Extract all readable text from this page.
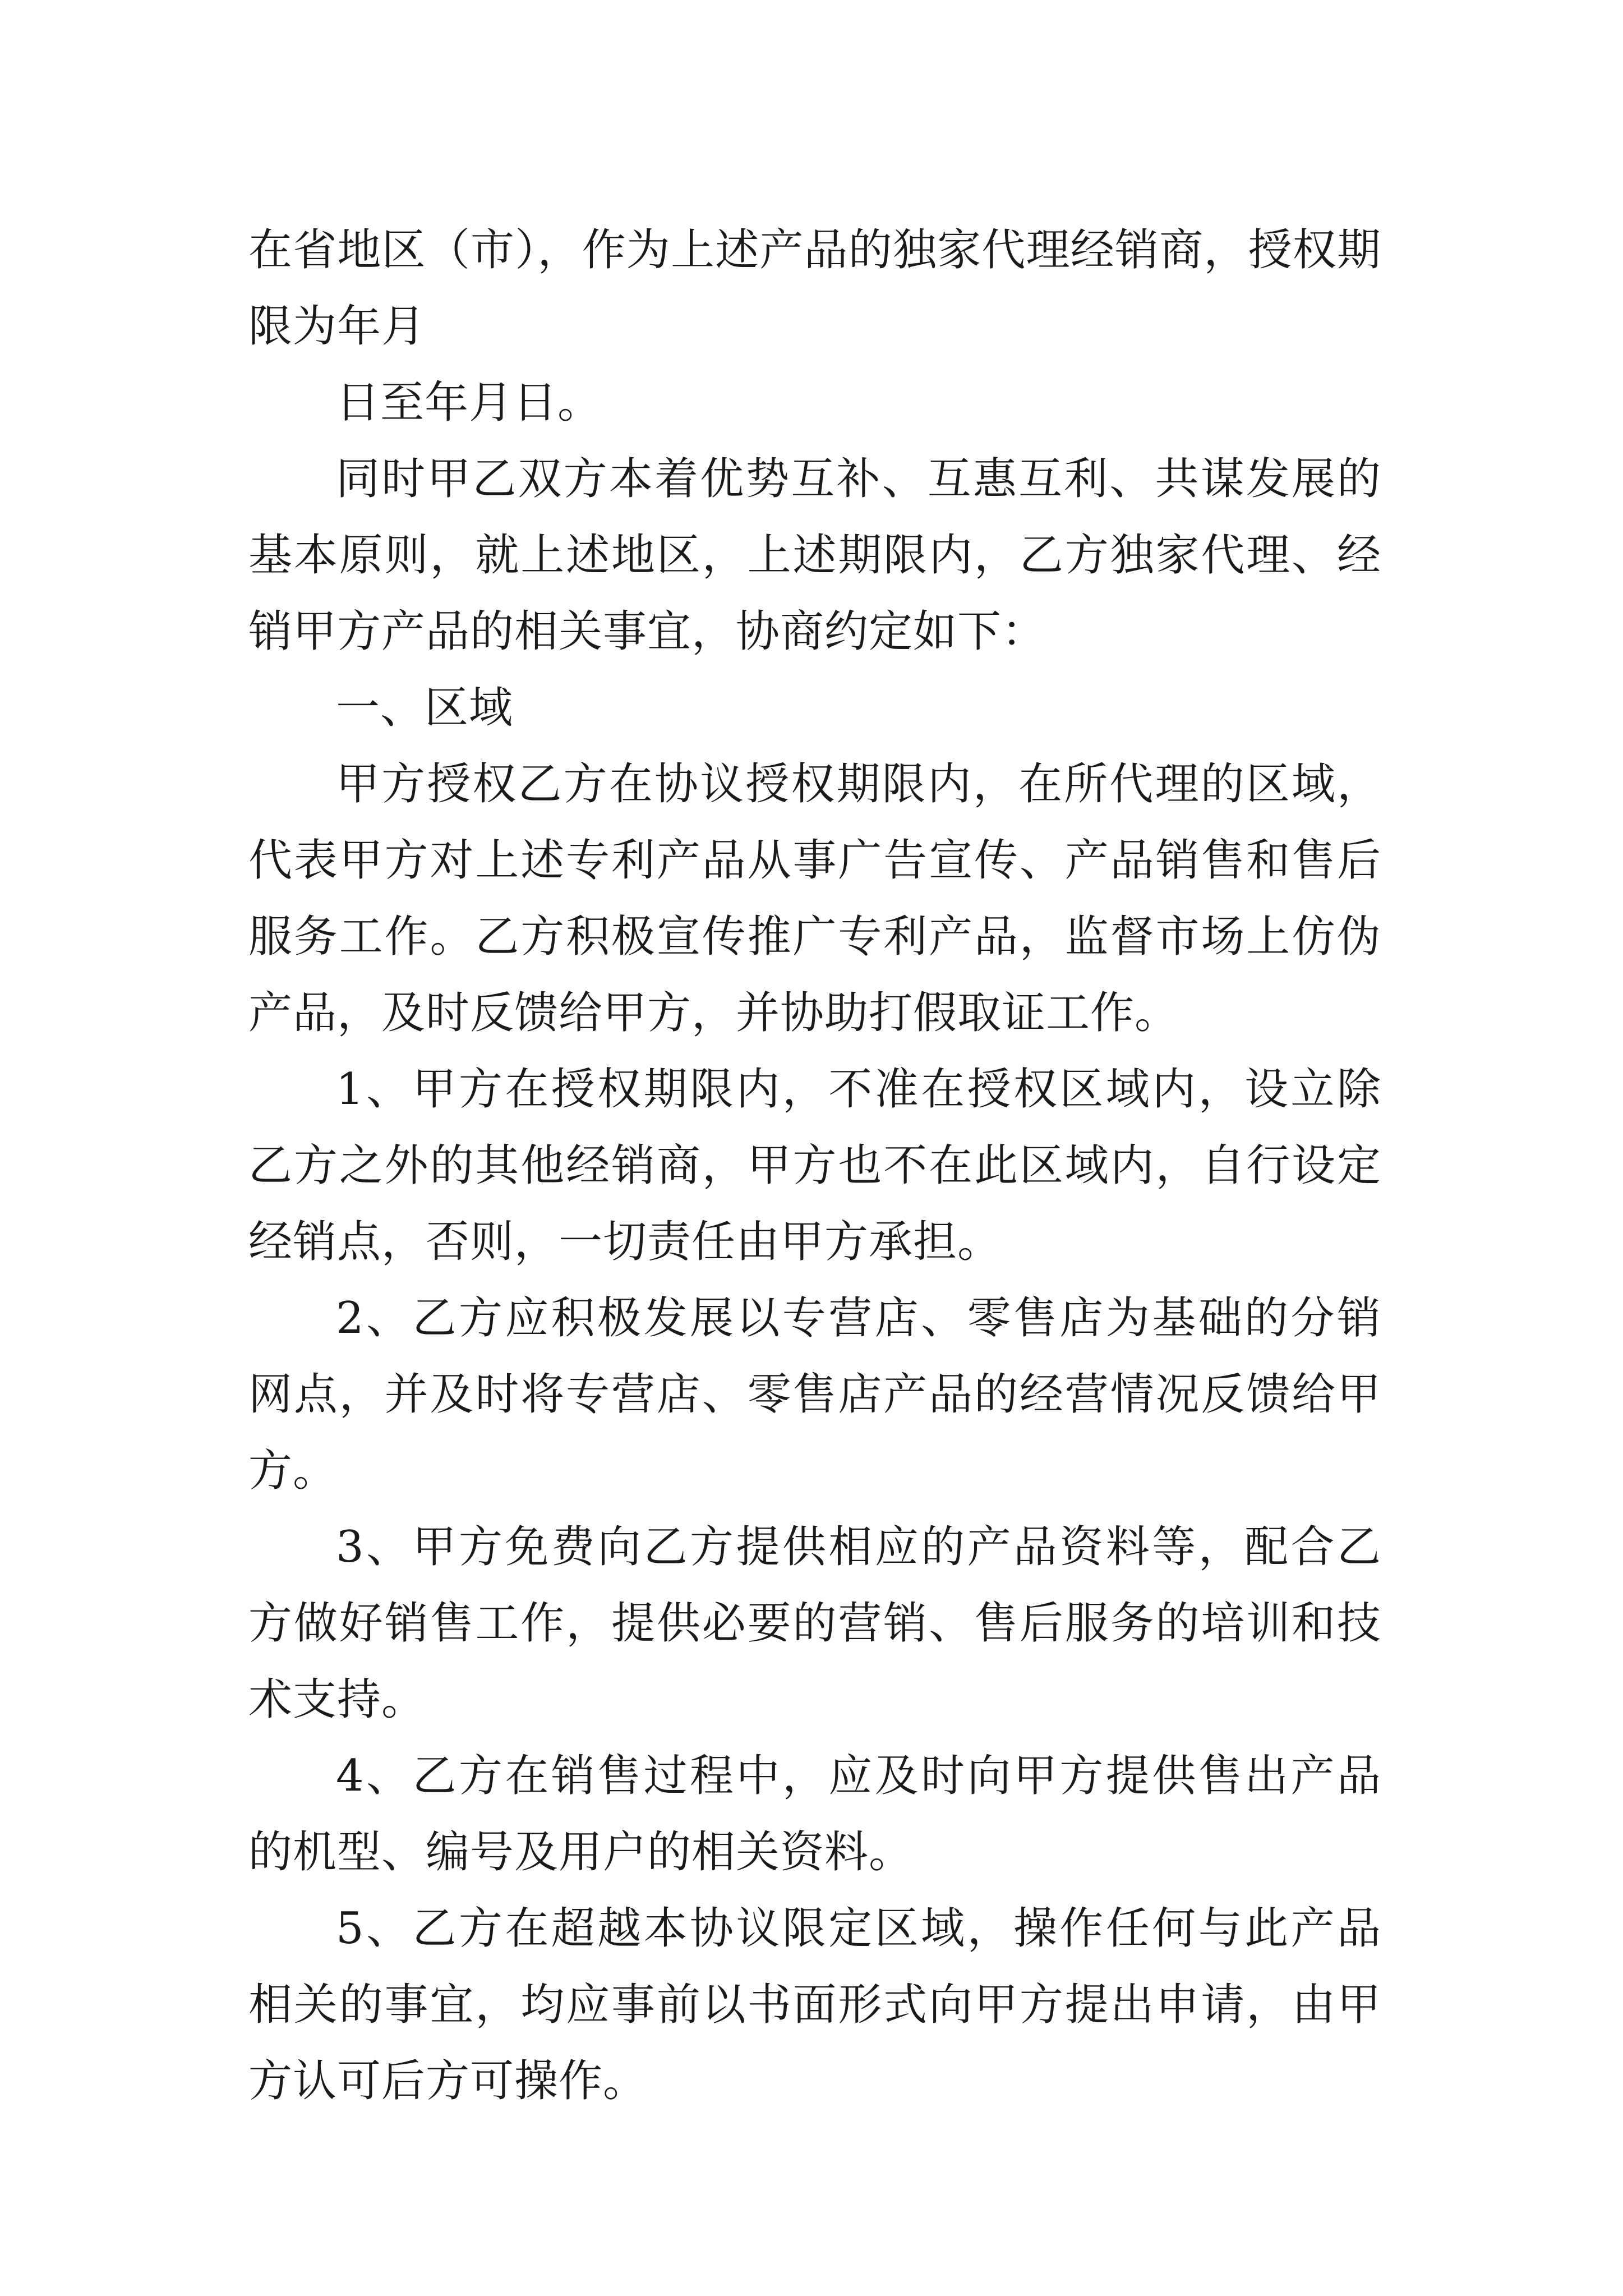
在省地区（市），作为上述产品的独家代理经销商，授权期限为年月

日至年月日。

同时甲乙双方本着优势互补、互惠互利、共谋发展的基本原则，就上述地区，上述期限内，乙方独家代理、经销甲方产品的相关事宜，协商约定如下：

一、区域

甲方授权乙方在协议授权期限内，在所代理的区域，代表甲方对上述专利产品从事广告宣传、产品销售和售后服务工作。乙方积极宣传推广专利产品，监督市场上仿伪产品，及时反馈给甲方，并协助打假取证工作。

1、甲方在授权期限内，不准在授权区域内，设立除乙方之外的其他经销商，甲方也不在此区域内，自行设定经销点，否则，一切责任由甲方承担。

2、乙方应积极发展以专营店、零售店为基础的分销网点，并及时将专营店、零售店产品的经营情况反馈给甲方。

3、甲方免费向乙方提供相应的产品资料等，配合乙方做好销售工作，提供必要的营销、售后服务的培训和技术支持。

4、乙方在销售过程中，应及时向甲方提供售出产品的机型、编号及用户的相关资料。

5、乙方在超越本协议限定区域，操作任何与此产品相关的事宜，均应事前以书面形式向甲方提出申请，由甲方认可后方可操作。
